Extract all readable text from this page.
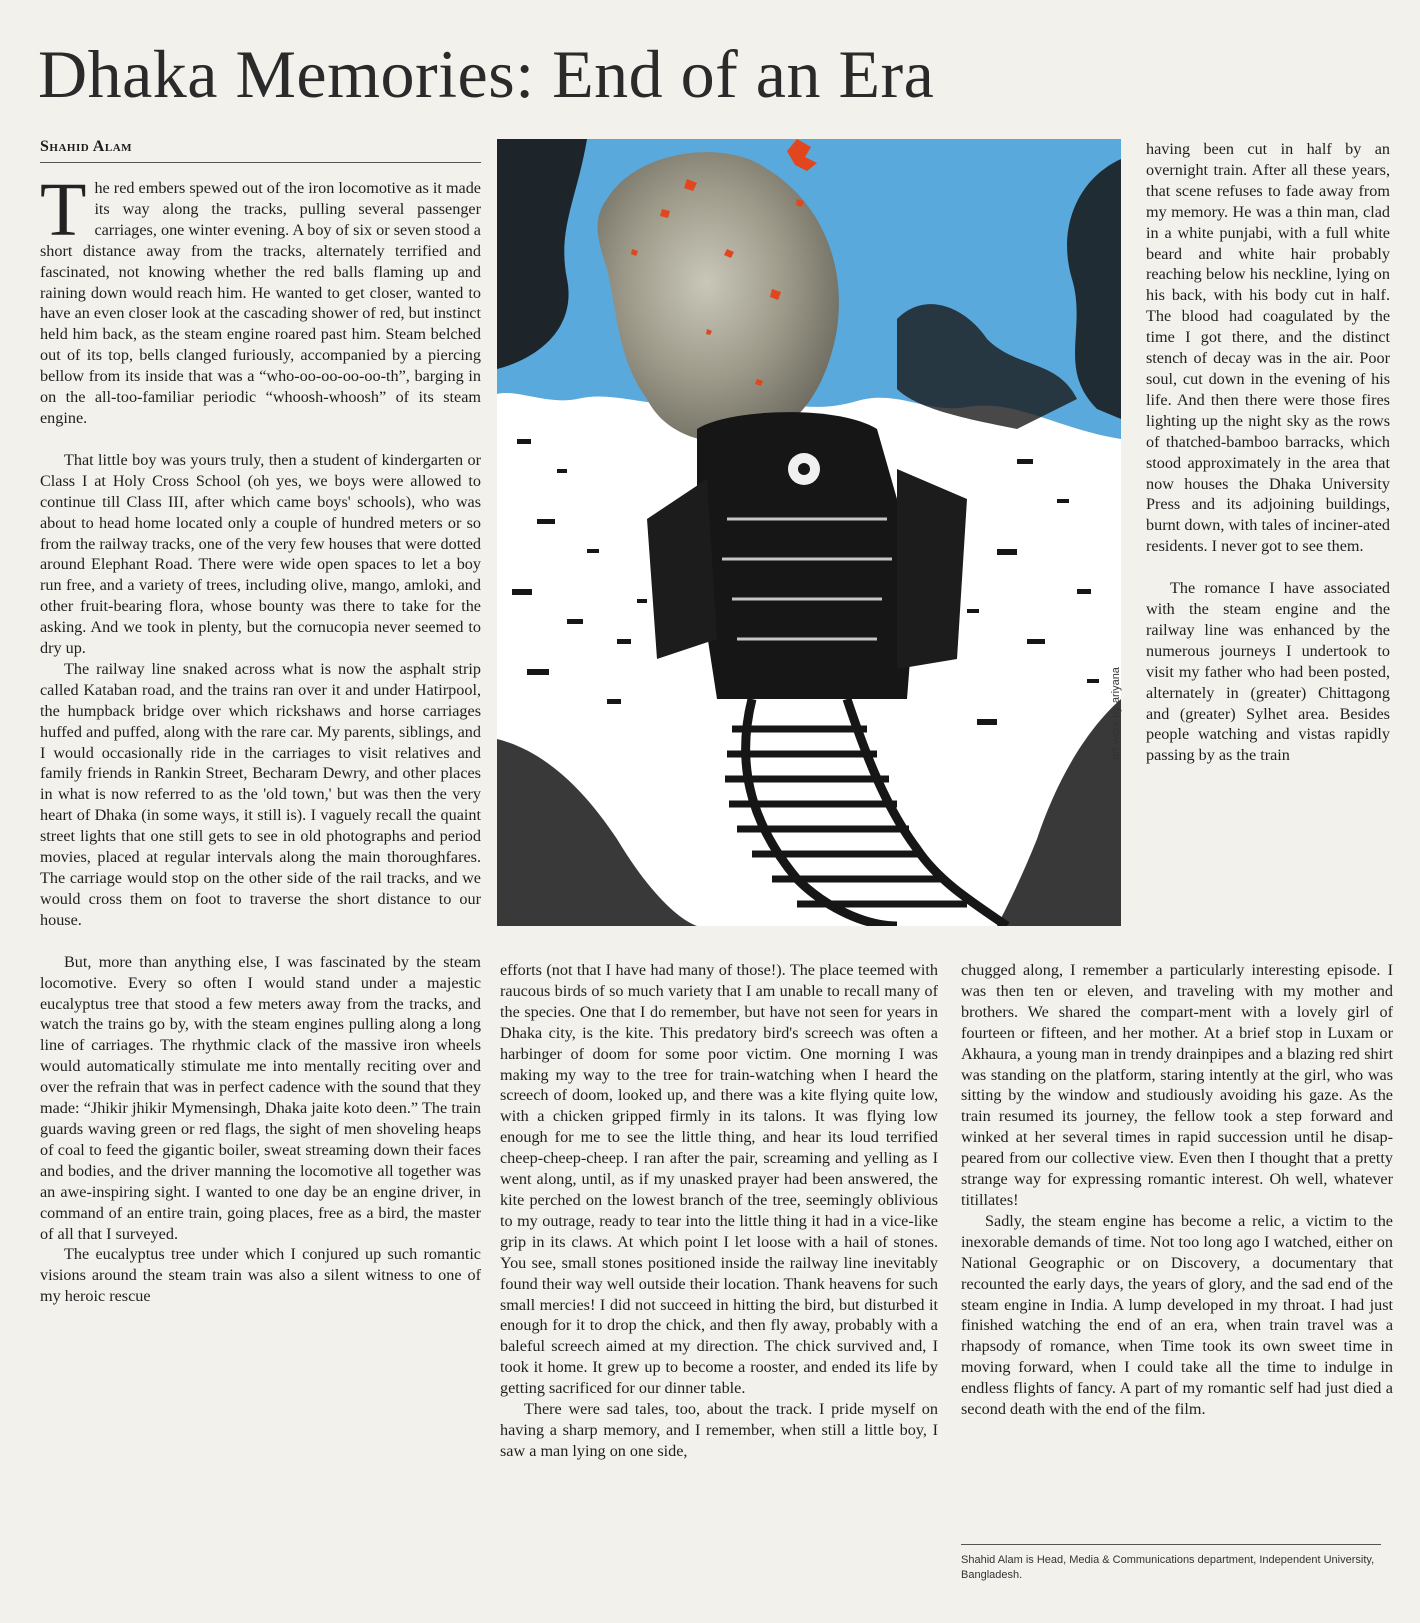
Dhaka Memories: End of an Era
Shahid Alam

The red embers spewed out of the iron locomotive as it made its way along the tracks, pulling several passenger carriages, one winter evening. A boy of six or seven stood a short distance away from the tracks, alternately terrified and fascinated, not knowing whether the red balls flaming up and raining down would reach him. He wanted to get closer, wanted to have an even closer look at the cascading shower of red, but instinct held him back, as the steam engine roared past him. Steam belched out of its top, bells clanged furiously, accompanied by a piercing bellow from its inside that was a “who-oo-oo-oo-oo-th”, barging in on the all-too-familiar periodic “whoosh-whoosh” of its steam engine.

That little boy was yours truly, then a student of kindergarten or Class I at Holy Cross School (oh yes, we boys were allowed to continue till Class III, after which came boys' schools), who was about to head home located only a couple of hundred meters or so from the railway tracks, one of the very few houses that were dotted around Elephant Road. There were wide open spaces to let a boy run free, and a variety of trees, including olive, mango, amloki, and other fruit-bearing flora, whose bounty was there to take for the asking. And we took in plenty, but the cornucopia never seemed to dry up.

The railway line snaked across what is now the asphalt strip called Kataban road, and the trains ran over it and under Hatirpool, the humpback bridge over which rickshaws and horse carriages huffed and puffed, along with the rare car. My parents, siblings, and I would occasionally ride in the carriages to visit relatives and family friends in Rankin Street, Becharam Dewry, and other places in what is now referred to as the 'old town,' but was then the very heart of Dhaka (in some ways, it still is). I vaguely recall the quaint street lights that one still gets to see in old photographs and period movies, placed at regular intervals along the main thoroughfares. The carriage would stop on the other side of the rail tracks, and we would cross them on foot to traverse the short distance to our house.

But, more than anything else, I was fascinated by the steam locomotive. Every so often I would stand under a majestic eucalyptus tree that stood a few meters away from the tracks, and watch the trains go by, with the steam engines pulling along a long line of carriages. The rhythmic clack of the massive iron wheels would automatically stimulate me into mentally reciting over and over the refrain that was in perfect cadence with the sound that they made: “Jhikir jhikir Mymensingh, Dhaka jaite koto deen.” The train guards waving green or red flags, the sight of men shoveling heaps of coal to feed the gigantic boiler, sweat streaming down their faces and bodies, and the driver manning the locomotive all together was an awe-inspiring sight. I wanted to one day be an engine driver, in command of an entire train, going places, free as a bird, the master of all that I surveyed.

The eucalyptus tree under which I conjured up such romantic visions around the steam train was also a silent witness to one of my heroic rescue

art work by ariyana

efforts (not that I have had many of those!). The place teemed with raucous birds of so much variety that I am unable to recall many of the species. One that I do remember, but have not seen for years in Dhaka city, is the kite. This predatory bird's screech was often a harbinger of doom for some poor victim. One morning I was making my way to the tree for train-watching when I heard the screech of doom, looked up, and there was a kite flying quite low, with a chicken gripped firmly in its talons. It was flying low enough for me to see the little thing, and hear its loud terrified cheep-cheep-cheep. I ran after the pair, screaming and yelling as I went along, until, as if my unasked prayer had been answered, the kite perched on the lowest branch of the tree, seemingly oblivious to my outrage, ready to tear into the little thing it had in a vice-like grip in its claws. At which point I let loose with a hail of stones. You see, small stones positioned inside the railway line inevitably found their way well outside their location. Thank heavens for such small mercies! I did not succeed in hitting the bird, but disturbed it enough for it to drop the chick, and then fly away, probably with a baleful screech aimed at my direction. The chick survived and, I took it home. It grew up to become a rooster, and ended its life by getting sacrificed for our dinner table.

There were sad tales, too, about the track. I pride myself on having a sharp memory, and I remember, when still a little boy, I saw a man lying on one side,

having been cut in half by an overnight train. After all these years, that scene refuses to fade away from my memory. He was a thin man, clad in a white punjabi, with a full white beard and white hair probably reaching below his neckline, lying on his back, with his body cut in half. The blood had coagulated by the time I got there, and the distinct stench of decay was in the air. Poor soul, cut down in the evening of his life. And then there were those fires lighting up the night sky as the rows of thatched-bamboo barracks, which stood approximately in the area that now houses the Dhaka University Press and its adjoining buildings, burnt down, with tales of inciner-ated residents. I never got to see them.

The romance I have associated with the steam engine and the railway line was enhanced by the numerous journeys I undertook to visit my father who had been posted, alternately in (greater) Chittagong and (greater) Sylhet area. Besides people watching and vistas rapidly passing by as the train

chugged along, I remember a particularly interesting episode. I was then ten or eleven, and traveling with my mother and brothers. We shared the compart-ment with a lovely girl of fourteen or fifteen, and her mother. At a brief stop in Luxam or Akhaura, a young man in trendy drainpipes and a blazing red shirt was standing on the platform, staring intently at the girl, who was sitting by the window and studiously avoiding his gaze. As the train resumed its journey, the fellow took a step forward and winked at her several times in rapid succession until he disap-peared from our collective view. Even then I thought that a pretty strange way for expressing romantic interest. Oh well, whatever titillates!

Sadly, the steam engine has become a relic, a victim to the inexorable demands of time. Not too long ago I watched, either on National Geographic or on Discovery, a documentary that recounted the early days, the years of glory, and the sad end of the steam engine in India. A lump developed in my throat. I had just finished watching the end of an era, when train travel was a rhapsody of romance, when Time took its own sweet time in moving forward, when I could take all the time to indulge in endless flights of fancy. A part of my romantic self had just died a second death with the end of the film.

Shahid Alam is Head, Media & Communications department, Independent University, Bangladesh.
